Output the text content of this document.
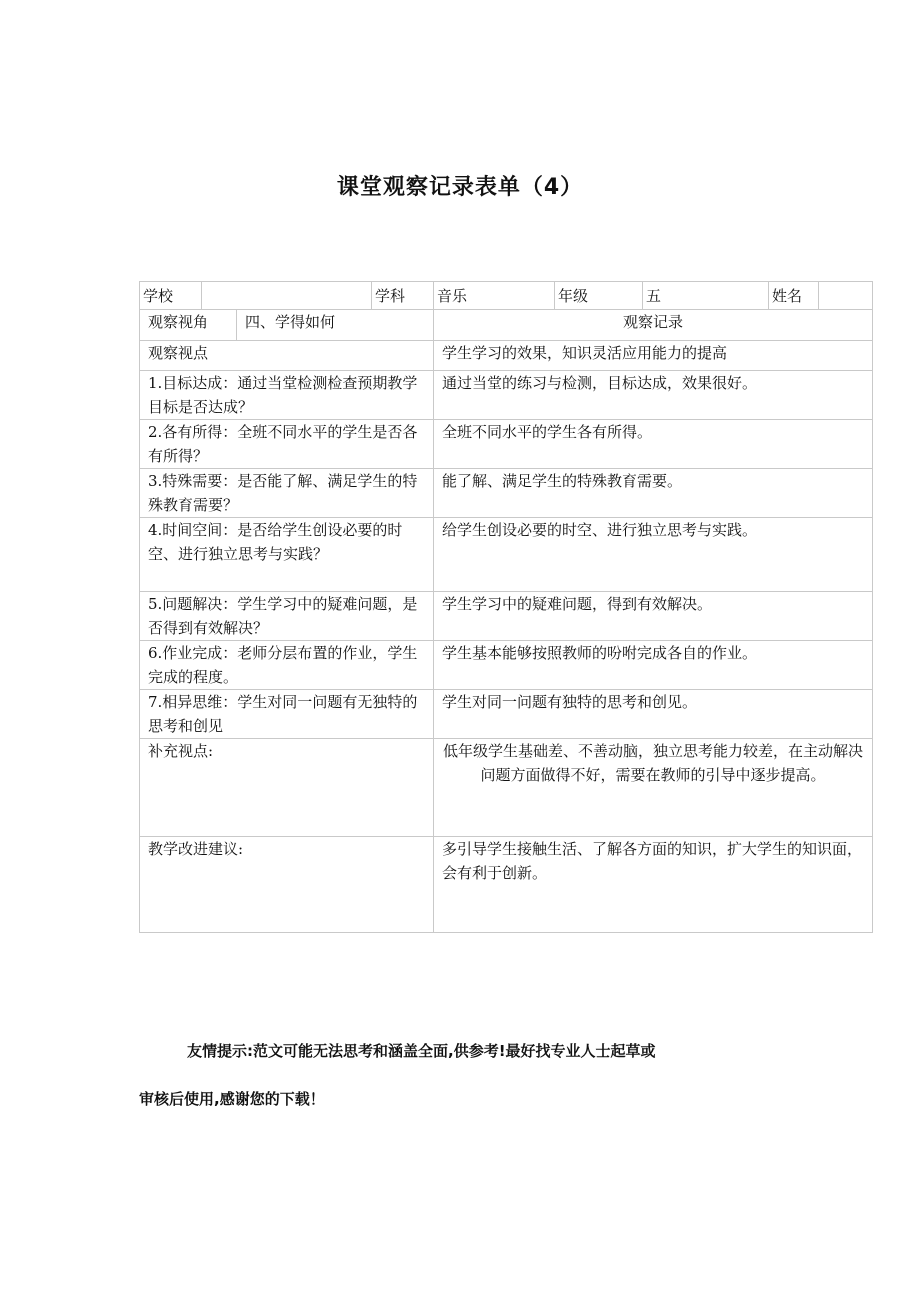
课堂观察记录表单（4）
学校			学科	音乐	年级	五	姓名	
观察视角		四、学得如何		观察记录				
观察视点				学生学习的效果，知识灵活应用能力的提高				
1.目标达成：通过当堂检测检查预期教学目标是否达成？				通过当堂的练习与检测，目标达成，效果很好。				
2.各有所得：全班不同水平的学生是否各有所得？				全班不同水平的学生各有所得。				
3.特殊需要：是否能了解、满足学生的特殊教育需要？				能了解、满足学生的特殊教育需要。				
4.时间空间：是否给学生创设必要的时空、进行独立思考与实践？				给学生创设必要的时空、进行独立思考与实践。				
5.问题解决：学生学习中的疑难问题，是否得到有效解决？				学生学习中的疑难问题，得到有效解决。				
6.作业完成：老师分层布置的作业，学生完成的程度。				学生基本能够按照教师的吩咐完成各自的作业。				
7.相异思维：学生对同一问题有无独特的思考和创见				学生对同一问题有独特的思考和创见。				
补充视点:				低年级学生基础差、不善动脑，独立思考能力较差，在主动解决问题方面做得不好，需要在教师的引导中逐步提高。				
教学改进建议:				多引导学生接触生活、了解各方面的知识，扩大学生的知识面，会有利于创新。				
友情提示:范文可能无法思考和涵盖全面,供参考!最好找专业人士起草或
审核后使用,感谢您的下载！
